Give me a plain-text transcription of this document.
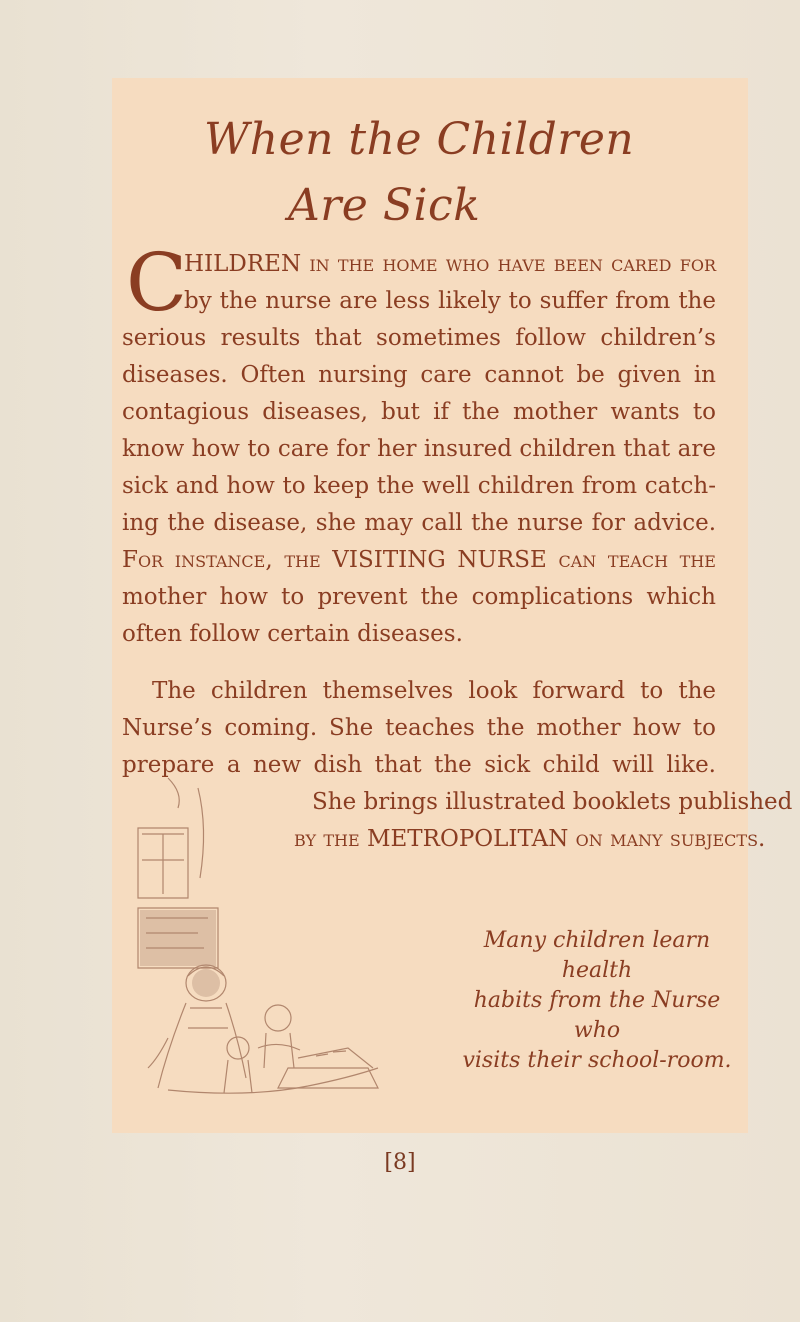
When the Children
Are Sick
C
HILDREN in the home who have been cared for
by the nurse are less likely to suffer from the
serious results that sometimes follow children’s
diseases. Often nursing care cannot be given in
contagious diseases, but if the mother wants to
know how to care for her insured children that are
sick and how to keep the well children from catch-
ing the disease, she may call the nurse for advice.
For instance, the VISITING NURSE can teach the
mother how to prevent the complications which
often follow certain diseases.
The children themselves look forward to the
Nurse’s coming. She teaches the mother how to
prepare a new dish that the sick child will like.
She brings illustrated booklets published
by the METROPOLITAN on many subjects.
Many children learn health
habits from the Nurse who
visits their school-room.
[8]
